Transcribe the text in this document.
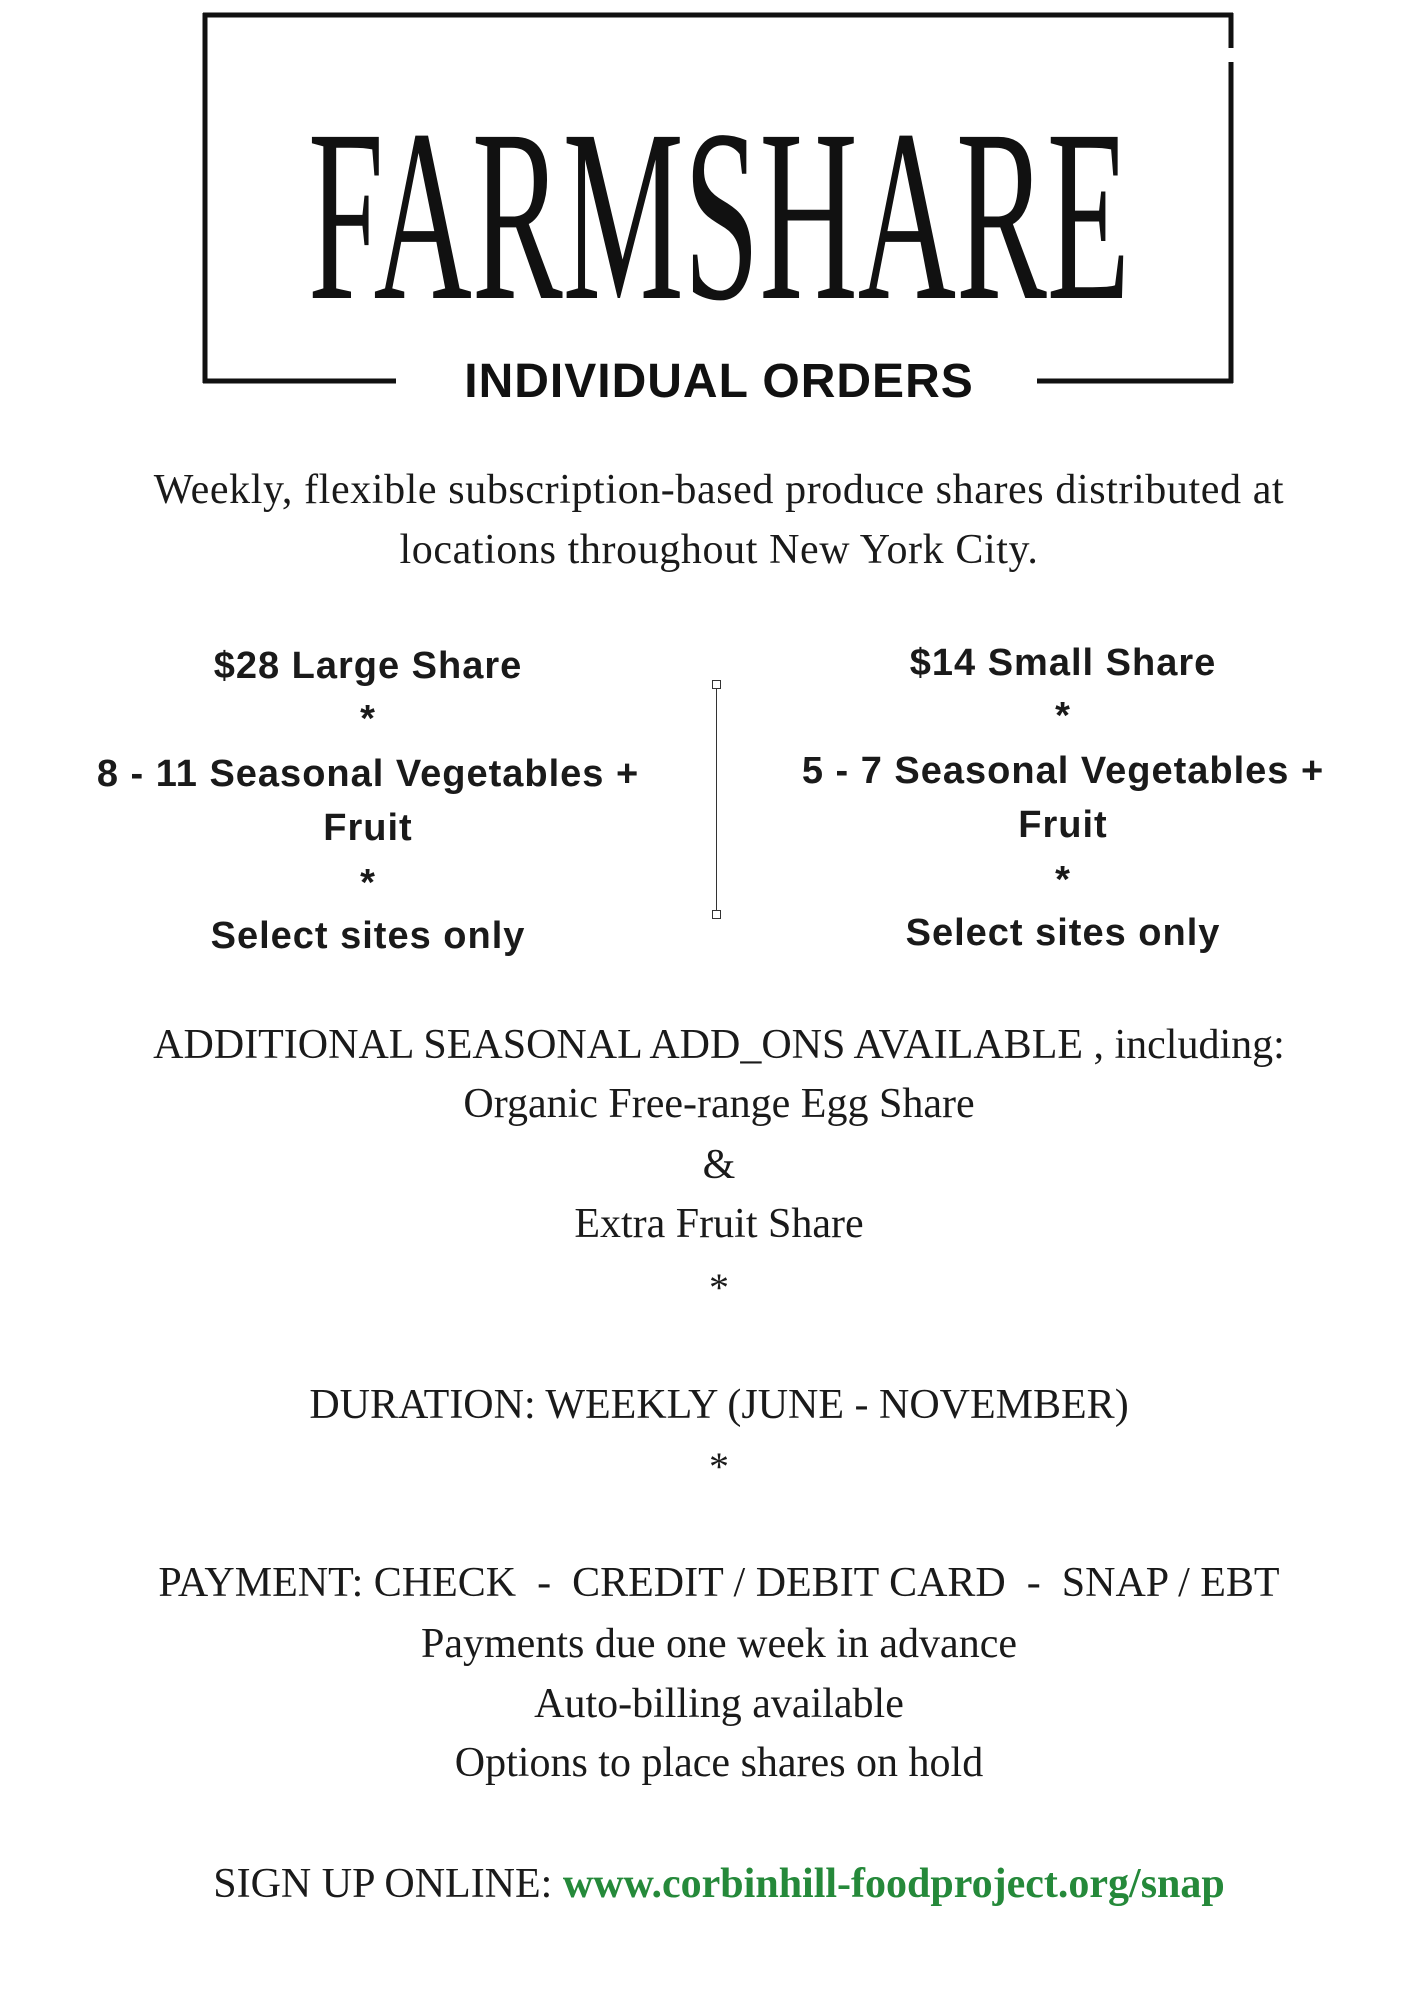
FARMSHARE
INDIVIDUAL ORDERS
Weekly, flexible subscription-based produce shares distributed at
locations throughout New York City.
$28 Large Share
*
8 - 11 Seasonal Vegetables +
Fruit
*
Select sites only
$14 Small Share
*
5 - 7 Seasonal Vegetables +
Fruit
*
Select sites only
ADDITIONAL SEASONAL ADD_ONS AVAILABLE , including:
Organic Free-range Egg Share
&
Extra Fruit Share
*
DURATION: WEEKLY (JUNE - NOVEMBER)
*
PAYMENT: CHECK  -  CREDIT / DEBIT CARD  -  SNAP / EBT
Payments due one week in advance
Auto-billing available
Options to place shares on hold
SIGN UP ONLINE: www.corbinhill-foodproject.org/snap
